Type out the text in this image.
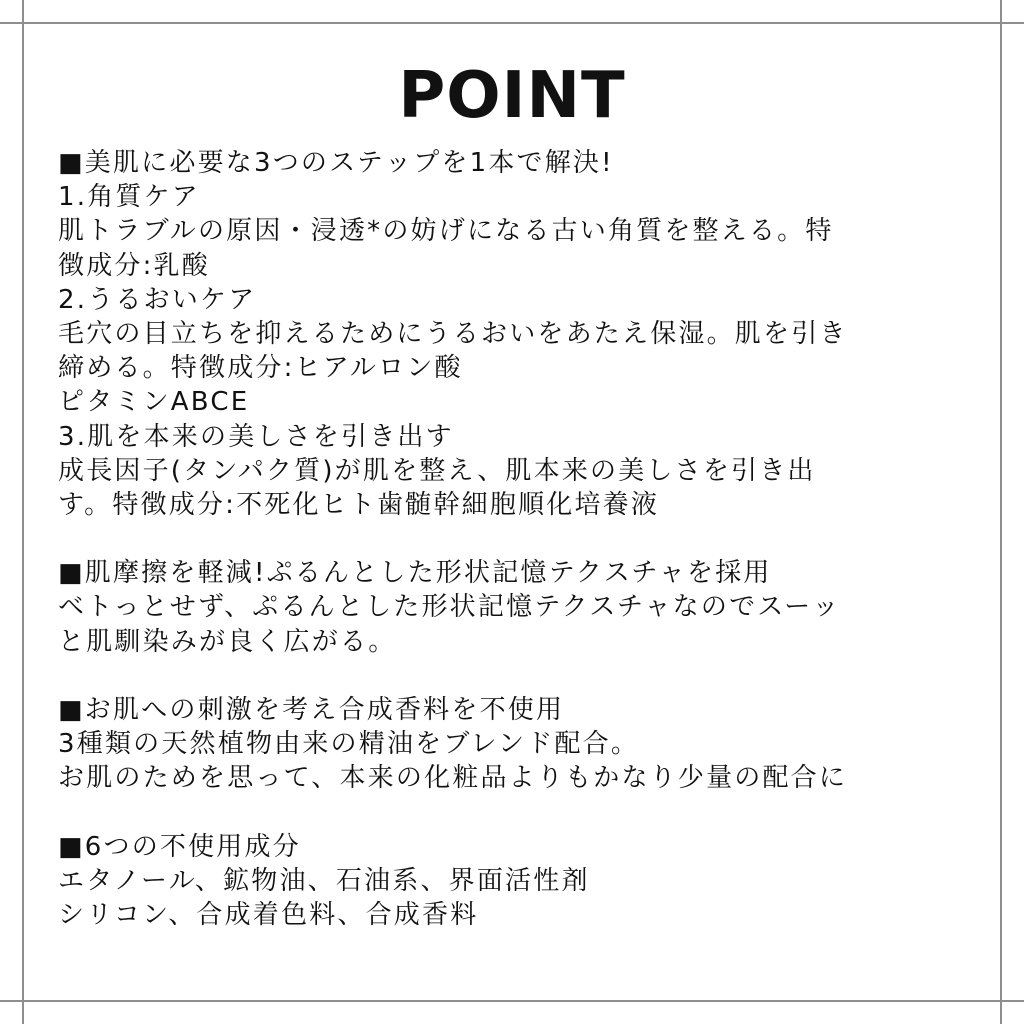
POINT
■美肌に必要な3つのステップを1本で解決!
1.角質ケア
肌トラブルの原因・浸透*の妨げになる古い角質を整える。特
徴成分:乳酸
2.うるおいケア
毛穴の目立ちを抑えるためにうるおいをあたえ保湿。肌を引き
締める。特徴成分:ヒアルロン酸
ピタミンABCE
3.肌を本来の美しさを引き出す
成長因子(タンパク質)が肌を整え、肌本来の美しさを引き出
す。特徴成分:不死化ヒト歯髄幹細胞順化培養液
■肌摩擦を軽減!ぷるんとした形状記憶テクスチャを採用
ベトっとせず、ぷるんとした形状記憶テクスチャなのでスーッ
と肌馴染みが良く広がる。
■お肌への刺激を考え合成香料を不使用
3種類の天然植物由来の精油をブレンド配合。
お肌のためを思って、本来の化粧品よりもかなり少量の配合に
■6つの不使用成分
エタノール、鉱物油、石油系、界面活性剤
シリコン、合成着色料、合成香料
